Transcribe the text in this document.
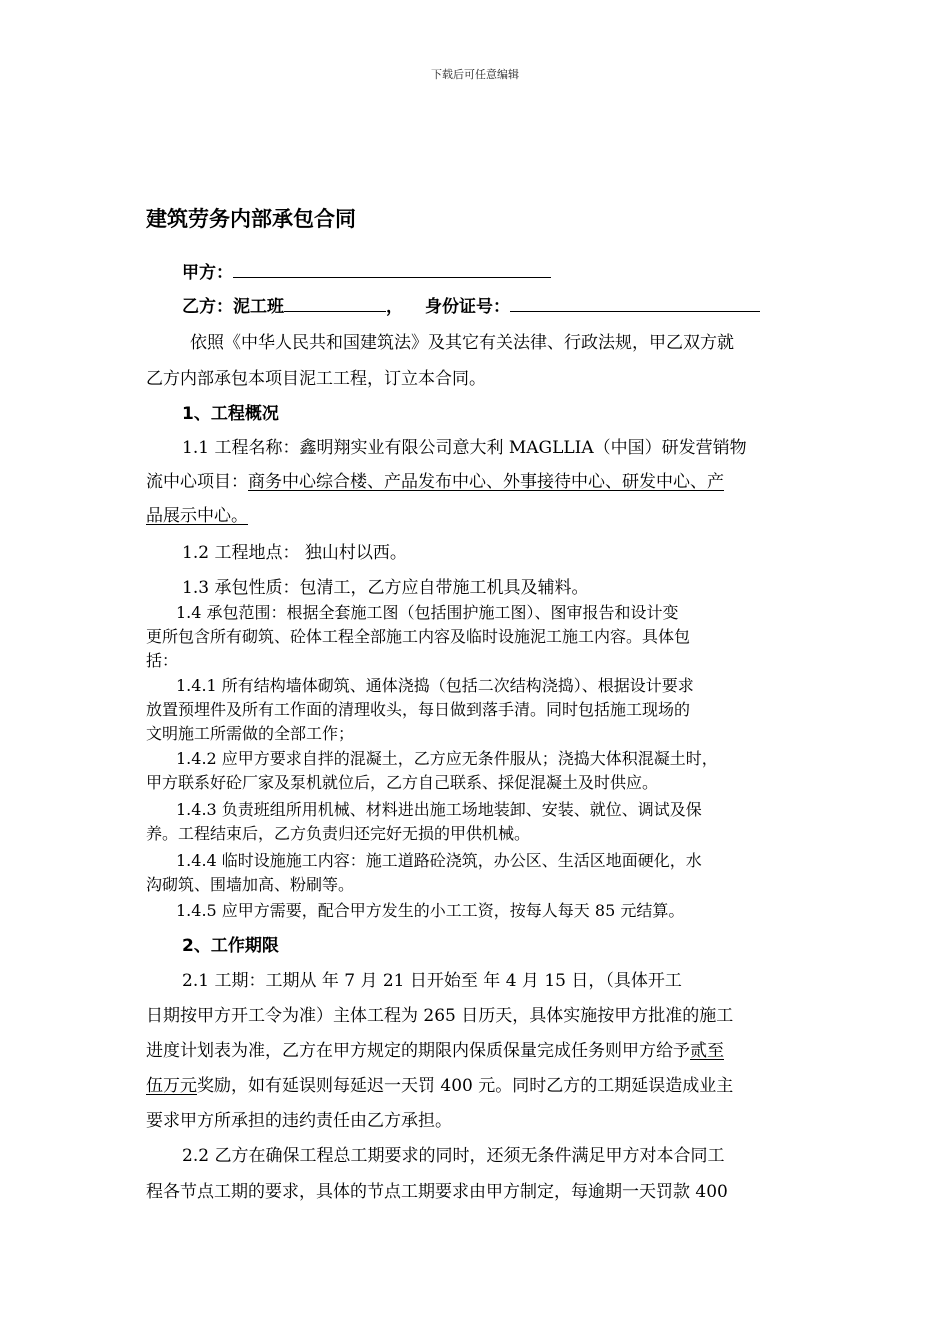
下载后可任意编辑
建筑劳务内部承包合同
甲方：
乙方：泥工班	， 身份证号：
依照《中华人民共和国建筑法》及其它有关法律、行政法规，甲乙双方就
乙方内部承包本项目泥工工程，订立本合同。
1、工程概况
1.1 工程名称：鑫明翔实业有限公司意大利 MAGLLIA（中国）研发营销物
流中心项目：商务中心综合楼、产品发布中心、外事接待中心、研发中心、产
品展示中心。
1.2 工程地点： 独山村以西。
1.3 承包性质：包清工，乙方应自带施工机具及辅料。
1.4 承包范围：根据全套施工图（包括围护施工图）、图审报告和设计变
更所包含所有砌筑、砼体工程全部施工内容及临时设施泥工施工内容。具体包
括：
1.4.1 所有结构墙体砌筑、通体浇捣（包括二次结构浇捣）、根据设计要求
放置预埋件及所有工作面的清理收头，每日做到落手清。同时包括施工现场的
文明施工所需做的全部工作；
1.4.2 应甲方要求自拌的混凝土，乙方应无条件服从；浇捣大体积混凝土时，
甲方联系好砼厂家及泵机就位后，乙方自己联系、採促混凝土及时供应。
1.4.3 负责班组所用机械、材料进出施工场地装卸、安装、就位、调试及保
养。工程结束后，乙方负责归还完好无损的甲供机械。
1.4.4 临时设施施工内容：施工道路砼浇筑，办公区、生活区地面硬化，水
沟砌筑、围墙加高、粉刷等。
1.4.5 应甲方需要，配合甲方发生的小工工资，按每人每天 85 元结算。
2、工作期限
2.1 工期：工期从 年 7 月 21 日开始至 年 4 月 15 日，（具体开工
日期按甲方开工令为准）主体工程为 265 日历天，具体实施按甲方批准的施工
进度计划表为准，乙方在甲方规定的期限内保质保量完成任务则甲方给予贰至
伍万元奖励，如有延误则每延迟一天罚 400 元。同时乙方的工期延误造成业主
要求甲方所承担的违约责任由乙方承担。
2.2 乙方在确保工程总工期要求的同时，还须无条件满足甲方对本合同工
程各节点工期的要求，具体的节点工期要求由甲方制定，每逾期一天罚款 400
